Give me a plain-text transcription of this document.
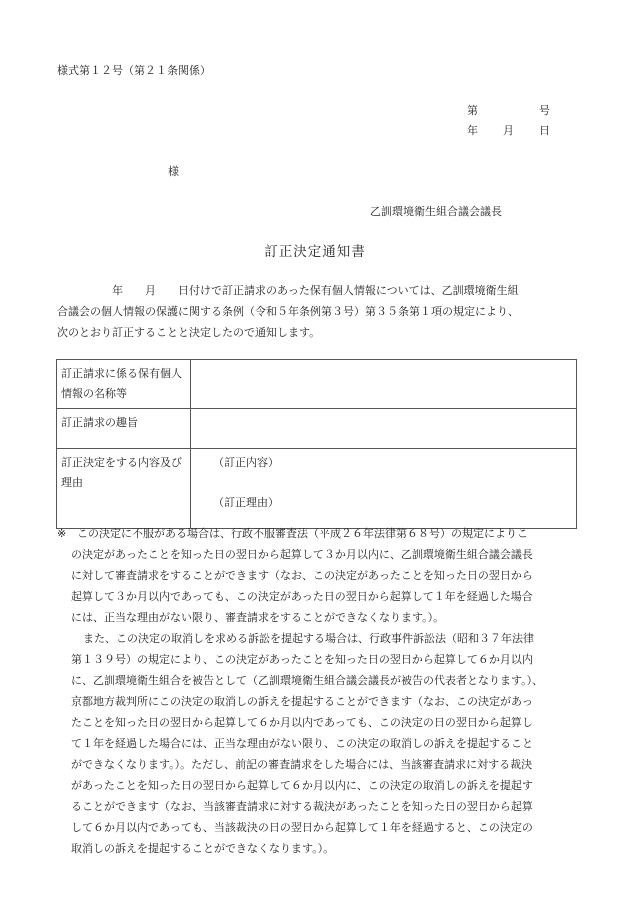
様式第１２号（第２１条関係）
第	号
年 月 日
様
乙訓環境衛生組合議会議長
訂正決定通知書

　　　　　年　　月　　日付けで訂正請求のあった保有個人情報については、乙訓環境衛生組

合議会の個人情報の保護に関する条例（令和５年条例第３号）第３５条第１項の規定により、

次のとおり訂正することと決定したので通知します。

訂正請求に係る保有個人情報の名称等	
訂正請求の趣旨	
訂正決定をする内容及び理由	（訂正内容）
（訂正理由）

※ この決定に不服がある場合は、行政不服審査法（平成２６年法律第６８号）の規定によりこ

の決定があったことを知った日の翌日から起算して３か月以内に、乙訓環境衛生組合議会議長

に対して審査請求をすることができます（なお、この決定があったことを知った日の翌日から

起算して３か月以内であっても、この決定があった日の翌日から起算して１年を経過した場合

には、正当な理由がない限り、審査請求をすることができなくなります。）。

また、この決定の取消しを求める訴訟を提起する場合は、行政事件訴訟法（昭和３７年法律

第１３９号）の規定により、この決定があったことを知った日の翌日から起算して６か月以内

に、乙訓環境衛生組合を被告として（乙訓環境衛生組合議会議長が被告の代表者となります。）、

京都地方裁判所にこの決定の取消しの訴えを提起することができます（なお、この決定があっ

たことを知った日の翌日から起算して６か月以内であっても、この決定の日の翌日から起算し

て１年を経過した場合には、正当な理由がない限り、この決定の取消しの訴えを提起すること

ができなくなります。）。ただし、前記の審査請求をした場合には、当該審査請求に対する裁決

があったことを知った日の翌日から起算して６か月以内に、この決定の取消しの訴えを提起す

ることができます（なお、当該審査請求に対する裁決があったことを知った日の翌日から起算

して６か月以内であっても、当該裁決の日の翌日から起算して１年を経過すると、この決定の

取消しの訴えを提起することができなくなります。）。
